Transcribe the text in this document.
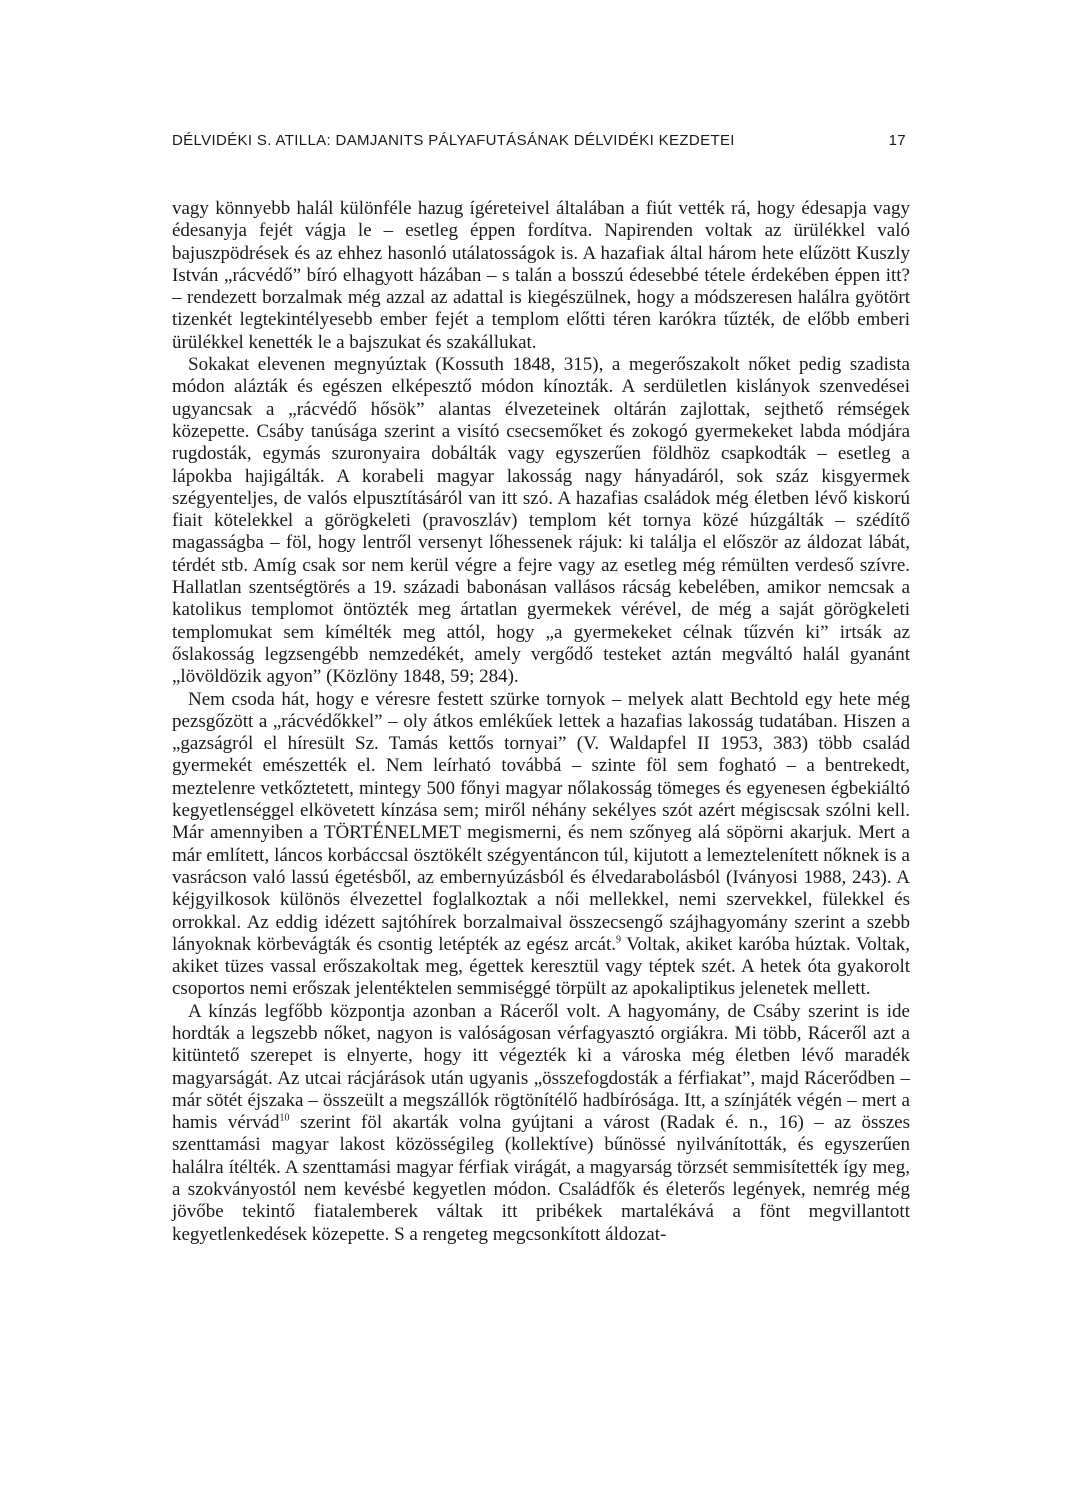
DÉLVIDÉKI S. ATILLA: DAMJANITS PÁLYAFUTÁSÁNAK DÉLVIDÉKI KEZDETEI	17

vagy könnyebb halál különféle hazug ígéreteivel általában a fiút vették rá, hogy édesapja vagy édesanyja fejét vágja le – esetleg éppen fordítva. Napirenden voltak az ürülékkel való bajuszpödrések és az ehhez hasonló utálatosságok is. A hazafiak által három hete elűzött Kuszly István „rácvédő” bíró elhagyott házában – s talán a bosszú édesebbé tétele érdekében éppen itt? – rendezett borzalmak még azzal az adattal is kiegészülnek, hogy a módszeresen halálra gyötört tizenkét legtekintélyesebb ember fejét a templom előtti téren karókra tűzték, de előbb emberi ürülékkel kenették le a bajszukat és szakállukat.

Sokakat elevenen megnyúztak (Kossuth 1848, 315), a megerőszakolt nőket pedig szadista módon alázták és egészen elképesztő módon kínozták. A serdületlen kislányok szenvedései ugyancsak a „rácvédő hősök” alantas élvezeteinek oltárán zajlottak, sejthető rémségek közepette. Csáby tanúsága szerint a visító csecsemőket és zokogó gyermekeket labda módjára rugdosták, egymás szuronyaira dobálták vagy egyszerűen földhöz csapkodták – esetleg a lápokba hajigálták. A korabeli magyar lakosság nagy hányadáról, sok száz kisgyermek szégyenteljes, de valós elpusztításáról van itt szó. A hazafias családok még életben lévő kiskorú fiait kötelekkel a görögkeleti (pravoszláv) templom két tornya közé húzgálták – szédítő magasságba – föl, hogy lentről versenyt lőhessenek rájuk: ki találja el először az áldozat lábát, térdét stb. Amíg csak sor nem kerül végre a fejre vagy az esetleg még rémülten verdeső szívre. Hallatlan szentségtörés a 19. századi babonásan vallásos rácság kebelében, amikor nemcsak a katolikus templomot öntözték meg ártatlan gyermekek vérével, de még a saját görögkeleti templomukat sem kímélték meg attól, hogy „a gyermekeket célnak tűzvén ki” irtsák az őslakosság legzsengébb nemzedékét, amely vergődő testeket aztán megváltó halál gyanánt „lövöldözik agyon” (Közlöny 1848, 59; 284).

Nem csoda hát, hogy e véresre festett szürke tornyok – melyek alatt Bechtold egy hete még pezsgőzött a „rácvédőkkel” – oly átkos emlékűek lettek a hazafias lakosság tudatában. Hiszen a „gazságról el híresült Sz. Tamás kettős tornyai” (V. Waldapfel II 1953, 383) több család gyermekét emészették el. Nem leírható továbbá – szinte föl sem fogható – a bentrekedt, meztelenre vetkőztetett, mintegy 500 főnyi magyar nőlakosság tömeges és egyenesen égbekiáltó kegyetlenséggel elkövetett kínzása sem; miről néhány sekélyes szót azért mégiscsak szólni kell. Már amennyiben a TÖRTÉNELMET megismerni, és nem szőnyeg alá söpörni akarjuk. Mert a már említett, láncos korbáccsal ösztökélt szégyentáncon túl, kijutott a lemeztelenített nőknek is a vasrácson való lassú égetésből, az embernyúzásból és élvedarabolásból (Iványosi 1988, 243). A kéjgyilkosok különös élvezettel foglalkoztak a női mellekkel, nemi szervekkel, fülekkel és orrokkal. Az eddig idézett sajtóhírek borzalmaival összecsengő szájhagyomány szerint a szebb lányoknak körbevágták és csontig letépték az egész arcát.$^9$ Voltak, akiket karóba húztak. Voltak, akiket tüzes vassal erőszakoltak meg, égettek keresztül vagy téptek szét. A hetek óta gyakorolt csoportos nemi erőszak jelentéktelen semmiséggé törpült az apokaliptikus jelenetek mellett.

A kínzás legfőbb központja azonban a Ráceről volt. A hagyomány, de Csáby szerint is ide hordták a legszebb nőket, nagyon is valóságosan vérfagyasztó orgiákra. Mi több, Ráceről azt a kitüntető szerepet is elnyerte, hogy itt végezték ki a városka még életben lévő maradék magyarságát. Az utcai rácjárások után ugyanis „összefogdosták a férfiakat”, majd Rácerődben – már sötét éjszaka – összeült a megszállók rögtönítélő hadbírósága. Itt, a színjáték végén – mert a hamis vérvád$^{10}$ szerint föl akarták volna gyújtani a várost (Radak é. n., 16) – az összes szenttamási magyar lakost közösségileg (kollektíve) bűnössé nyilvánították, és egyszerűen halálra ítélték. A szenttamási magyar férfiak virágát, a magyarság törzsét semmisítették így meg, a szokványostól nem kevésbé kegyetlen módon. Családfők és életerős legények, nemrég még jövőbe tekintő fiatalemberek váltak itt pribékek martalékává a fönt megvillantott kegyetlenkedések közepette. S a rengeteg megcsonkított áldozat-
